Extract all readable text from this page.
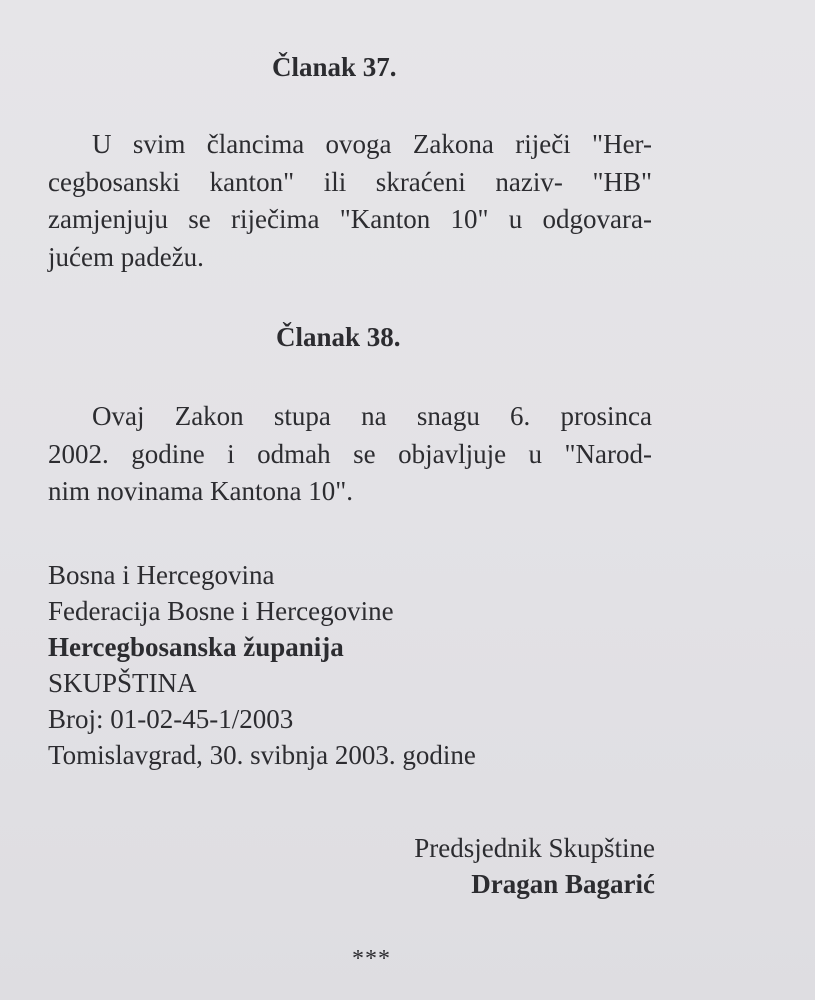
Članak 37.
U svim člancima ovoga Zakona riječi "Her-
cegbosanski kanton" ili skraćeni naziv- "HB"
zamjenjuju se riječima "Kanton 10" u odgovara-
jućem padežu.
Članak 38.
Ovaj Zakon stupa na snagu 6. prosinca
2002. godine i odmah se objavljuje u "Narod-
nim novinama Kantona 10".
Bosna i Hercegovina
Federacija Bosne i Hercegovine
Hercegbosanska županija
SKUPŠTINA
Broj: 01-02-45-1/2003
Tomislavgrad, 30. svibnja 2003. godine
Predsjednik Skupštine
Dragan Bagarić
***
